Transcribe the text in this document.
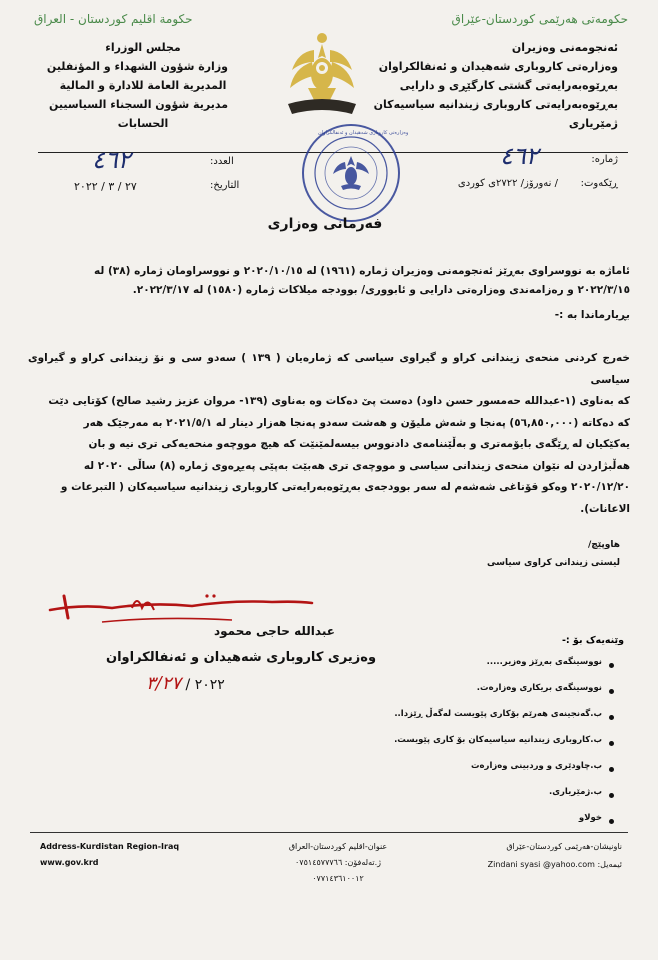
حکومەتی هەرێمی کوردستان-عێراق
حكومة اقليم كوردستان - العراق
ئەنجومەنی وەزیران
وەزارەتی کاروباری شەهیدان و ئەنفالکراوان
بەڕێوەبەرایەتی گشتی کارگێڕی و دارایی
بەڕێوەبەرایەتی کاروباری زیندانیە سیاسیەکان
ژمێریاری
مجلس الوزراء
وزارة شؤون الشهداء و المؤنفلين
المديرية العامة للادارة و المالية
مديرية شؤون السجناء السياسيين
الحسابات
ژمارە:
٤٦٢
ڕێکەوت:
/ نەورۆز/ ٢٧٢٢ی کوردی
العدد:
٤٦٢
التاريخ:
٢٧ / ٣ / ٢٠٢٢
وەزارەتی کاروباری شەهیدان و ئەنفالکراوان
فەرمانی وەزاری
ئاماژە بە نووسراوی بەڕێز ئەنجومەنی وەزیران ژمارە (١٩٦١) لە ٢٠٢٠/١٠/١٥ و نووسراومان ژمارە (٣٨) لە
٢٠٢٢/٣/١٥ و رەزامەندی وەزارەتی دارایی و ئابووری/ بوودجە میلاکات ژمارە (١٥٨٠) لە ٢٠٢٢/٣/١٧.
بڕیارماندا بە :-
خەرج کردنی منحەی زیندانی کراو و گیراوی سیاسی کە ژمارەیان ( ١٣٩ ) سەدو سی و نۆ زیندانی کراو و گیراوی سیاسی
کە بەناوی (١-عبدالله حەمسور حسن داود) دەست پێ دەکات وە بەناوی (١٣٩- مروان عزیز رشید صالح) کۆتایی دێت
کە دەکاتە (٥٦,٨٥٠,٠٠٠) پەنجا و شەش ملیۆن و هەشت سەدو پەنجا هەزار دینار لە ٢٠٢١/٥/١ بە مەرجێک هەر
یەکێکیان لە ڕێگەی بایۆمەتری و بەڵێننامەی دادنووس بیسەلمێنێت کە هیچ مووچەو منحەیەکی تری نیە و بان
هەڵبژاردن لە نێوان منحەی زیندانی سیاسی و مووچەی تری هەبێت بەپێی پەیڕەوی ژمارە (٨) ساڵی ٢٠٢٠ لە
٢٠٢٠/١٢/٢٠ وەکو قۆناغی شەشەم لە سەر بوودجەی بەڕێوەبەرایەتی کاروباری زیندانیە سیاسیەکان ( التبرعات و
الاعانات).
هاوپێچ/
لیستی زیندانی کراوی سیاسی
عبدالله حاجی محمود
وەزیری کاروباری شەهیدان و ئەنفالکراوان
٢٠٢٢ / ٣/٢٧
وێنەیەک بۆ :-
نووسینگەی بەڕێز وەزیر.....
نووسینگەی بریکاری وەزارەت.
ب.گەنجینەی هەرێم بۆکاری پێویست لەگەڵ ڕێزدا..
ب.کاروباری زیندانیە سیاسیەکان بۆ کاری پێویست.
ب.چاودێری و وردبینی وەزارەت
ب.ژمێریاری.
خولاو
ناونیشان-هەرێمی کوردستان-عێراق
ئیمەیل: Zindani syasi @yahoo.com
عنوان-اقليم كوردستان-العراق
ژ.تەلەفۆن: ٠٧٥١٤٥٧٧٧٦٦
٠٧٧١٤٣٦١٠٠١٢
Address-Kurdistan Region-Iraq
www.gov.krd
